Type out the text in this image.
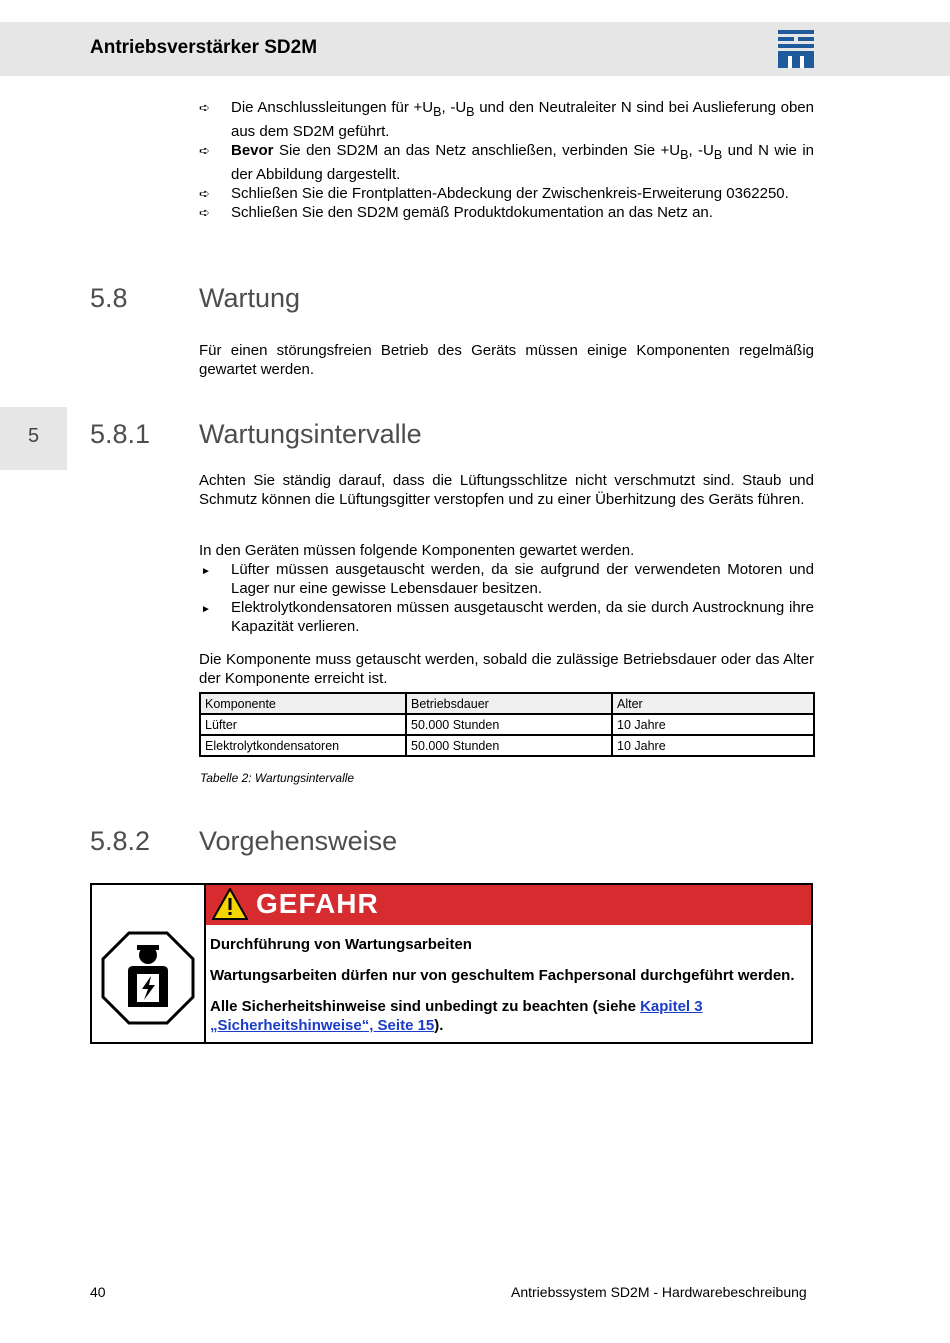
Antriebsverstärker SD2M
5
➪ Die Anschlussleitungen für $+U_B$, $-U_B$ und den Neutraleiter N sind bei Auslieferung oben aus dem SD2M geführt.
➪ Bevor Sie den SD2M an das Netz anschließen, verbinden Sie $+U_B$, $-U_B$ und N wie in der Abbildung dargestellt.
➪ Schließen Sie die Frontplatten-Abdeckung der Zwischenkreis-Erweiterung 0362250.
➪ Schließen Sie den SD2M gemäß Produktdokumentation an das Netz an.
5.8	Wartung
Für einen störungsfreien Betrieb des Geräts müssen einige Komponenten regelmäßig gewartet werden.
5.8.1 Wartungsintervalle
Achten Sie ständig darauf, dass die Lüftungsschlitze nicht verschmutzt sind. Staub und Schmutz können die Lüftungsgitter verstopfen und zu einer Überhitzung des Geräts führen.
In den Geräten müssen folgende Komponenten gewartet werden.
► Lüfter müssen ausgetauscht werden, da sie aufgrund der verwendeten Motoren und Lager nur eine gewisse Lebensdauer besitzen.
► Elektrolytkondensatoren müssen ausgetauscht werden, da sie durch Austrocknung ihre Kapazität verlieren.
Die Komponente muss getauscht werden, sobald die zulässige Betriebsdauer oder das Alter der Komponente erreicht ist.
Komponente	Betriebsdauer	Alter
Lüfter	50.000 Stunden	10 Jahre
Elektrolytkondensatoren	50.000 Stunden	10 Jahre
Tabelle 2: Wartungsintervalle
5.8.2 Vorgehensweise
GEFAHR

Durchführung von Wartungsarbeiten

Wartungsarbeiten dürfen nur von geschultem Fachpersonal durchgeführt werden.

Alle Sicherheitshinweise sind unbedingt zu beachten (siehe Kapitel 3 „Sicherheitshinweise“, Seite 15).

40	Antriebssystem SD2M - Hardwarebeschreibung
